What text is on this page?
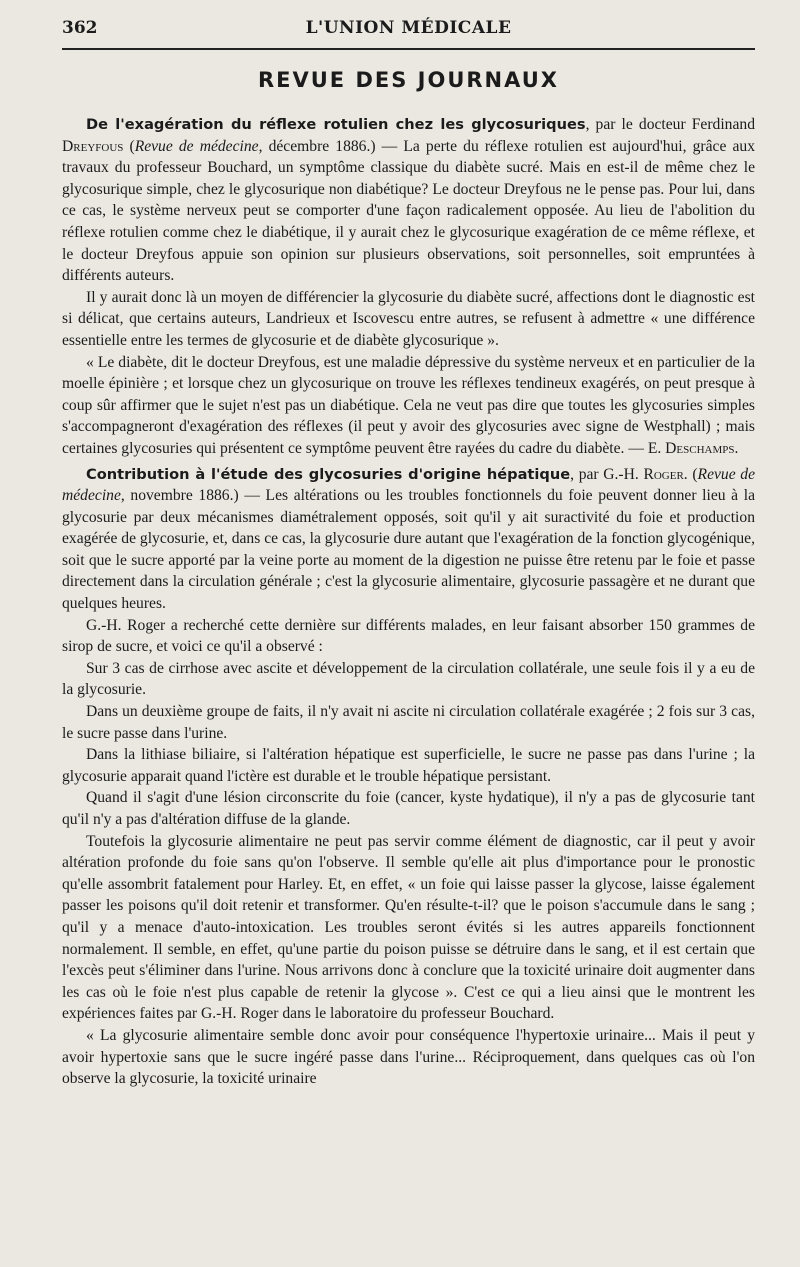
362	L'UNION MÉDICALE
REVUE DES JOURNAUX

De l'exagération du réflexe rotulien chez les glycosuriques, par le docteur Ferdinand Dreyfous (Revue de médecine, décembre 1886.) — La perte du réflexe rotulien est aujourd'hui, grâce aux travaux du professeur Bouchard, un symptôme classique du diabète sucré. Mais en est-il de même chez le glycosurique simple, chez le glycosurique non diabétique? Le docteur Dreyfous ne le pense pas. Pour lui, dans ce cas, le système nerveux peut se comporter d'une façon radicalement opposée. Au lieu de l'abolition du réflexe rotulien comme chez le diabétique, il y aurait chez le glycosurique exagération de ce même réflexe, et le docteur Dreyfous appuie son opinion sur plusieurs observations, soit personnelles, soit empruntées à différents auteurs.

Il y aurait donc là un moyen de différencier la glycosurie du diabète sucré, affections dont le diagnostic est si délicat, que certains auteurs, Landrieux et Iscovescu entre autres, se refusent à admettre « une différence essentielle entre les termes de glycosurie et de diabète glycosurique ».

« Le diabète, dit le docteur Dreyfous, est une maladie dépressive du système nerveux et en particulier de la moelle épinière ; et lorsque chez un glycosurique on trouve les réflexes tendineux exagérés, on peut presque à coup sûr affirmer que le sujet n'est pas un diabétique. Cela ne veut pas dire que toutes les glycosuries simples s'accompagneront d'exagération des réflexes (il peut y avoir des glycosuries avec signe de Westphall) ; mais certaines glycosuries qui présentent ce symptôme peuvent être rayées du cadre du diabète. — E. Deschamps.

Contribution à l'étude des glycosuries d'origine hépatique, par G.-H. Roger. (Revue de médecine, novembre 1886.) — Les altérations ou les troubles fonctionnels du foie peuvent donner lieu à la glycosurie par deux mécanismes diamétralement opposés, soit qu'il y ait suractivité du foie et production exagérée de glycosurie, et, dans ce cas, la glycosurie dure autant que l'exagération de la fonction glycogénique, soit que le sucre apporté par la veine porte au moment de la digestion ne puisse être retenu par le foie et passe directement dans la circulation générale ; c'est la glycosurie alimentaire, glycosurie passagère et ne durant que quelques heures.

G.-H. Roger a recherché cette dernière sur différents malades, en leur faisant absorber 150 grammes de sirop de sucre, et voici ce qu'il a observé :

Sur 3 cas de cirrhose avec ascite et développement de la circulation collatérale, une seule fois il y a eu de la glycosurie.

Dans un deuxième groupe de faits, il n'y avait ni ascite ni circulation collatérale exagérée ; 2 fois sur 3 cas, le sucre passe dans l'urine.

Dans la lithiase biliaire, si l'altération hépatique est superficielle, le sucre ne passe pas dans l'urine ; la glycosurie apparait quand l'ictère est durable et le trouble hépatique persistant.

Quand il s'agit d'une lésion circonscrite du foie (cancer, kyste hydatique), il n'y a pas de glycosurie tant qu'il n'y a pas d'altération diffuse de la glande.

Toutefois la glycosurie alimentaire ne peut pas servir comme élément de diagnostic, car il peut y avoir altération profonde du foie sans qu'on l'observe. Il semble qu'elle ait plus d'importance pour le pronostic qu'elle assombrit fatalement pour Harley. Et, en effet, « un foie qui laisse passer la glycose, laisse également passer les poisons qu'il doit retenir et transformer. Qu'en résulte-t-il? que le poison s'accumule dans le sang ; qu'il y a menace d'auto-intoxication. Les troubles seront évités si les autres appareils fonctionnent normalement. Il semble, en effet, qu'une partie du poison puisse se détruire dans le sang, et il est certain que l'excès peut s'éliminer dans l'urine. Nous arrivons donc à conclure que la toxicité urinaire doit augmenter dans les cas où le foie n'est plus capable de retenir la glycose ». C'est ce qui a lieu ainsi que le montrent les expériences faites par G.-H. Roger dans le laboratoire du professeur Bouchard.

« La glycosurie alimentaire semble donc avoir pour conséquence l'hypertoxie urinaire... Mais il peut y avoir hypertoxie sans que le sucre ingéré passe dans l'urine... Réciproquement, dans quelques cas où l'on observe la glycosurie, la toxicité urinaire
